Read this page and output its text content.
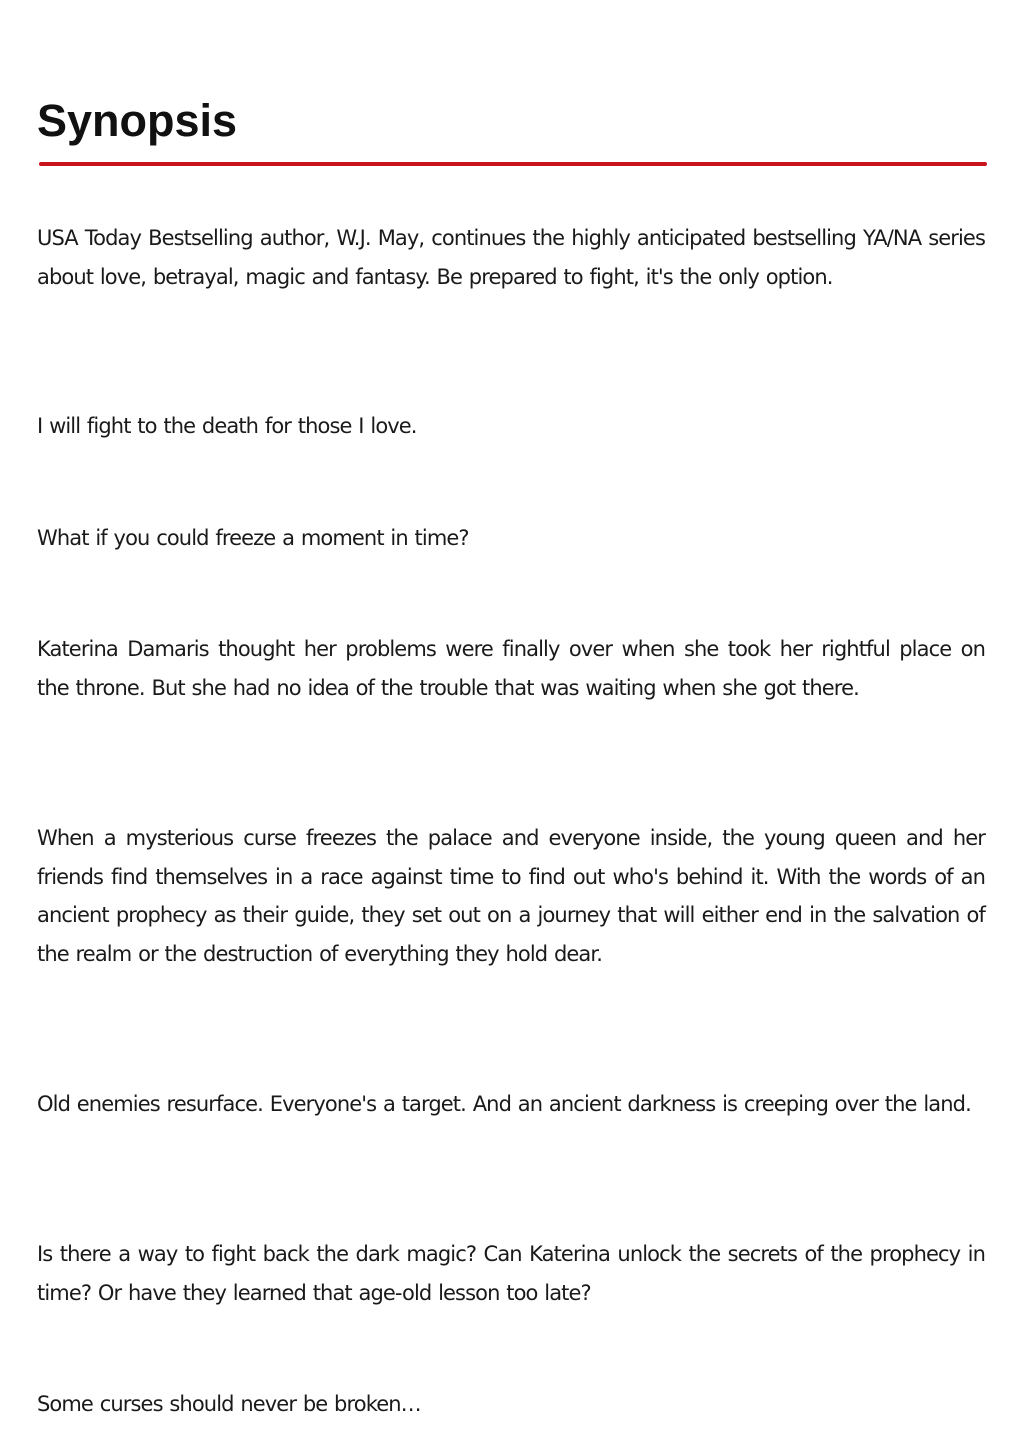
Synopsis

USA Today Bestselling author, W.J. May, continues the highly anticipated bestselling YA/NA series about love, betrayal, magic and fantasy. Be prepared to fight, it's the only option.

I will fight to the death for those I love.

What if you could freeze a moment in time?

Katerina Damaris thought her problems were finally over when she took her rightful place on the throne. But she had no idea of the trouble that was waiting when she got there.

When a mysterious curse freezes the palace and everyone inside, the young queen and her friends find themselves in a race against time to find out who's behind it. With the words of an ancient prophecy as their guide, they set out on a journey that will either end in the salvation of the realm or the destruction of everything they hold dear.

Old enemies resurface. Everyone's a target. And an ancient darkness is creeping over the land.

Is there a way to fight back the dark magic? Can Katerina unlock the secrets of the prophecy in time? Or have they learned that age-old lesson too late?

Some curses should never be broken…
